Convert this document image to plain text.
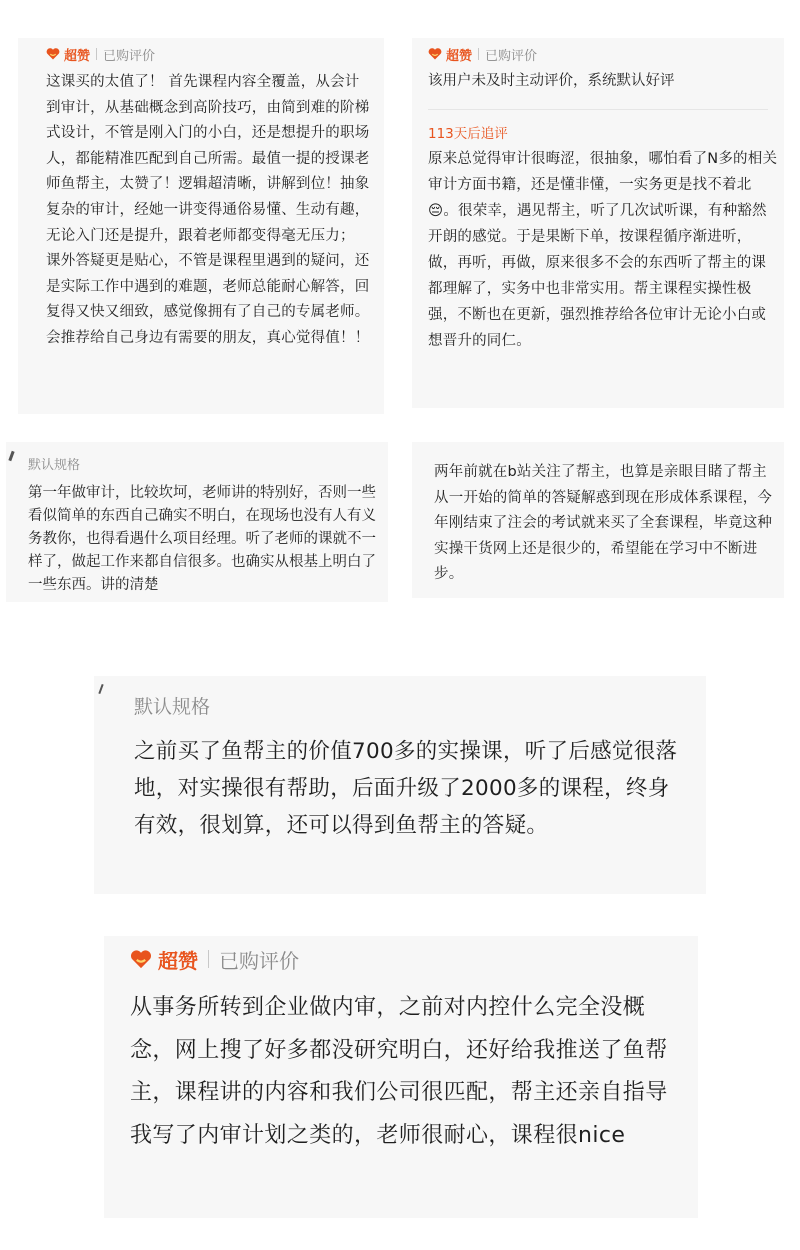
超赞 已购评价

这课买的太值了！ 首先课程内容全覆盖，从会计到审计，从基础概念到高阶技巧，由简到难的阶梯式设计，不管是刚入门的小白，还是想提升的职场人，都能精准匹配到自己所需。最值一提的授课老师鱼帮主，太赞了！逻辑超清晰，讲解到位！抽象复杂的审计，经她一讲变得通俗易懂、生动有趣，无论入门还是提升，跟着老师都变得毫无压力； 课外答疑更是贴心，不管是课程里遇到的疑问，还是实际工作中遇到的难题，老师总能耐心解答，回复得又快又细致，感觉像拥有了自己的专属老师。 会推荐给自己身边有需要的朋友，真心觉得值！！

超赞 已购评价

该用户未及时主动评价，系统默认好评

113天后追评

原来总觉得审计很晦涩，很抽象，哪怕看了N多的相关审计方面书籍，还是懂非懂，一实务更是找不着北😔。很荣幸，遇见帮主，听了几次试听课，有种豁然开朗的感觉。于是果断下单，按课程循序渐进听，做，再听，再做，原来很多不会的东西听了帮主的课都理解了，实务中也非常实用。帮主课程实操性极强，不断也在更新，强烈推荐给各位审计无论小白或想晋升的同仁。

默认规格

第一年做审计，比较坎坷，老师讲的特别好，否则一些看似简单的东西自己确实不明白，在现场也没有人有义务教你，也得看遇什么项目经理。听了老师的课就不一样了，做起工作来都自信很多。也确实从根基上明白了一些东西。讲的清楚

两年前就在b站关注了帮主，也算是亲眼目睹了帮主从一开始的简单的答疑解惑到现在形成体系课程，今年刚结束了注会的考试就来买了全套课程，毕竟这种实操干货网上还是很少的，希望能在学习中不断进步。

默认规格

之前买了鱼帮主的价值700多的实操课，听了后感觉很落地，对实操很有帮助，后面升级了2000多的课程，终身有效，很划算，还可以得到鱼帮主的答疑。

超赞 已购评价

从事务所转到企业做内审，之前对内控什么完全没概念，网上搜了好多都没研究明白，还好给我推送了鱼帮主，课程讲的内容和我们公司很匹配，帮主还亲自指导我写了内审计划之类的，老师很耐心，课程很nice
